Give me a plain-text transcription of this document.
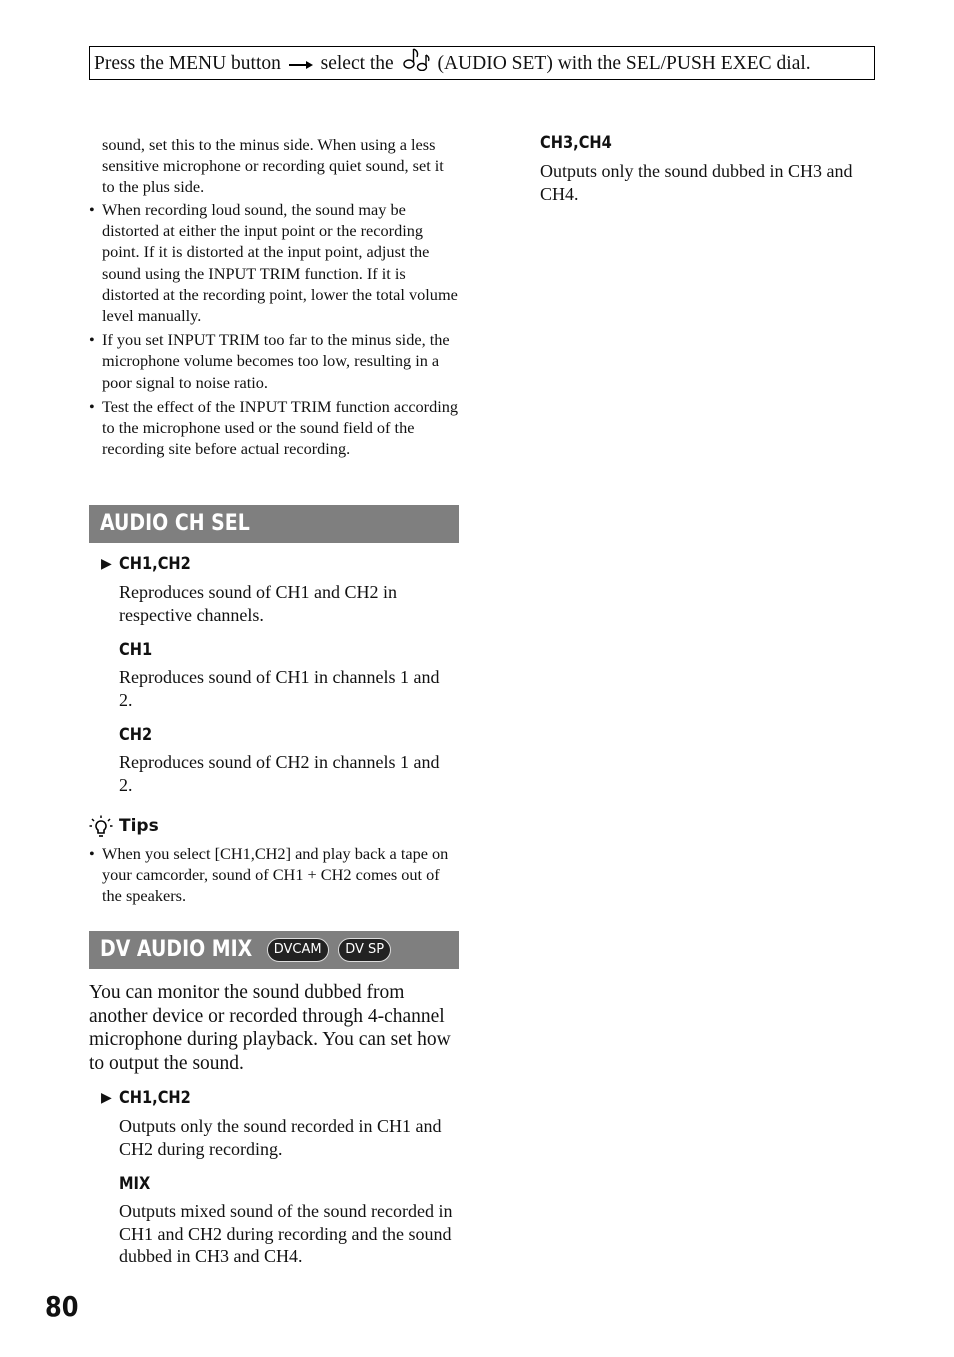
Press the MENU button select the (AUDIO SET) with the SEL/PUSH EXEC dial.

sound, set this to the minus side. When using a less sensitive microphone or recording quiet sound, set it to the plus side.

• When recording loud sound, the sound may be distorted at either the input point or the recording point. If it is distorted at the input point, adjust the sound using the INPUT TRIM function. If it is distorted at the recording point, lower the total volume level manually.
• If you set INPUT TRIM too far to the minus side, the microphone volume becomes too low, resulting in a poor signal to noise ratio.
• Test the effect of the INPUT TRIM function according to the microphone used or the sound field of the recording site before actual recording.
AUDIO CH SEL
▶ CH1,CH2

Reproduces sound of CH1 and CH2 in respective channels.

CH1

Reproduces sound of CH1 in channels 1 and 2.

CH2

Reproduces sound of CH2 in channels 1 and 2.

Tips
• When you select [CH1,CH2] and play back a tape on your camcorder, sound of CH1 + CH2 comes out of the speakers.
DV AUDIO MIX DVCAM DV SP

You can monitor the sound dubbed from another device or recorded through 4-channel microphone during playback. You can set how to output the sound.

▶ CH1,CH2

Outputs only the sound recorded in CH1 and CH2 during recording.

MIX

Outputs mixed sound of the sound recorded in CH1 and CH2 during recording and the sound dubbed in CH3 and CH4.

CH3,CH4

Outputs only the sound dubbed in CH3 and CH4.

80
